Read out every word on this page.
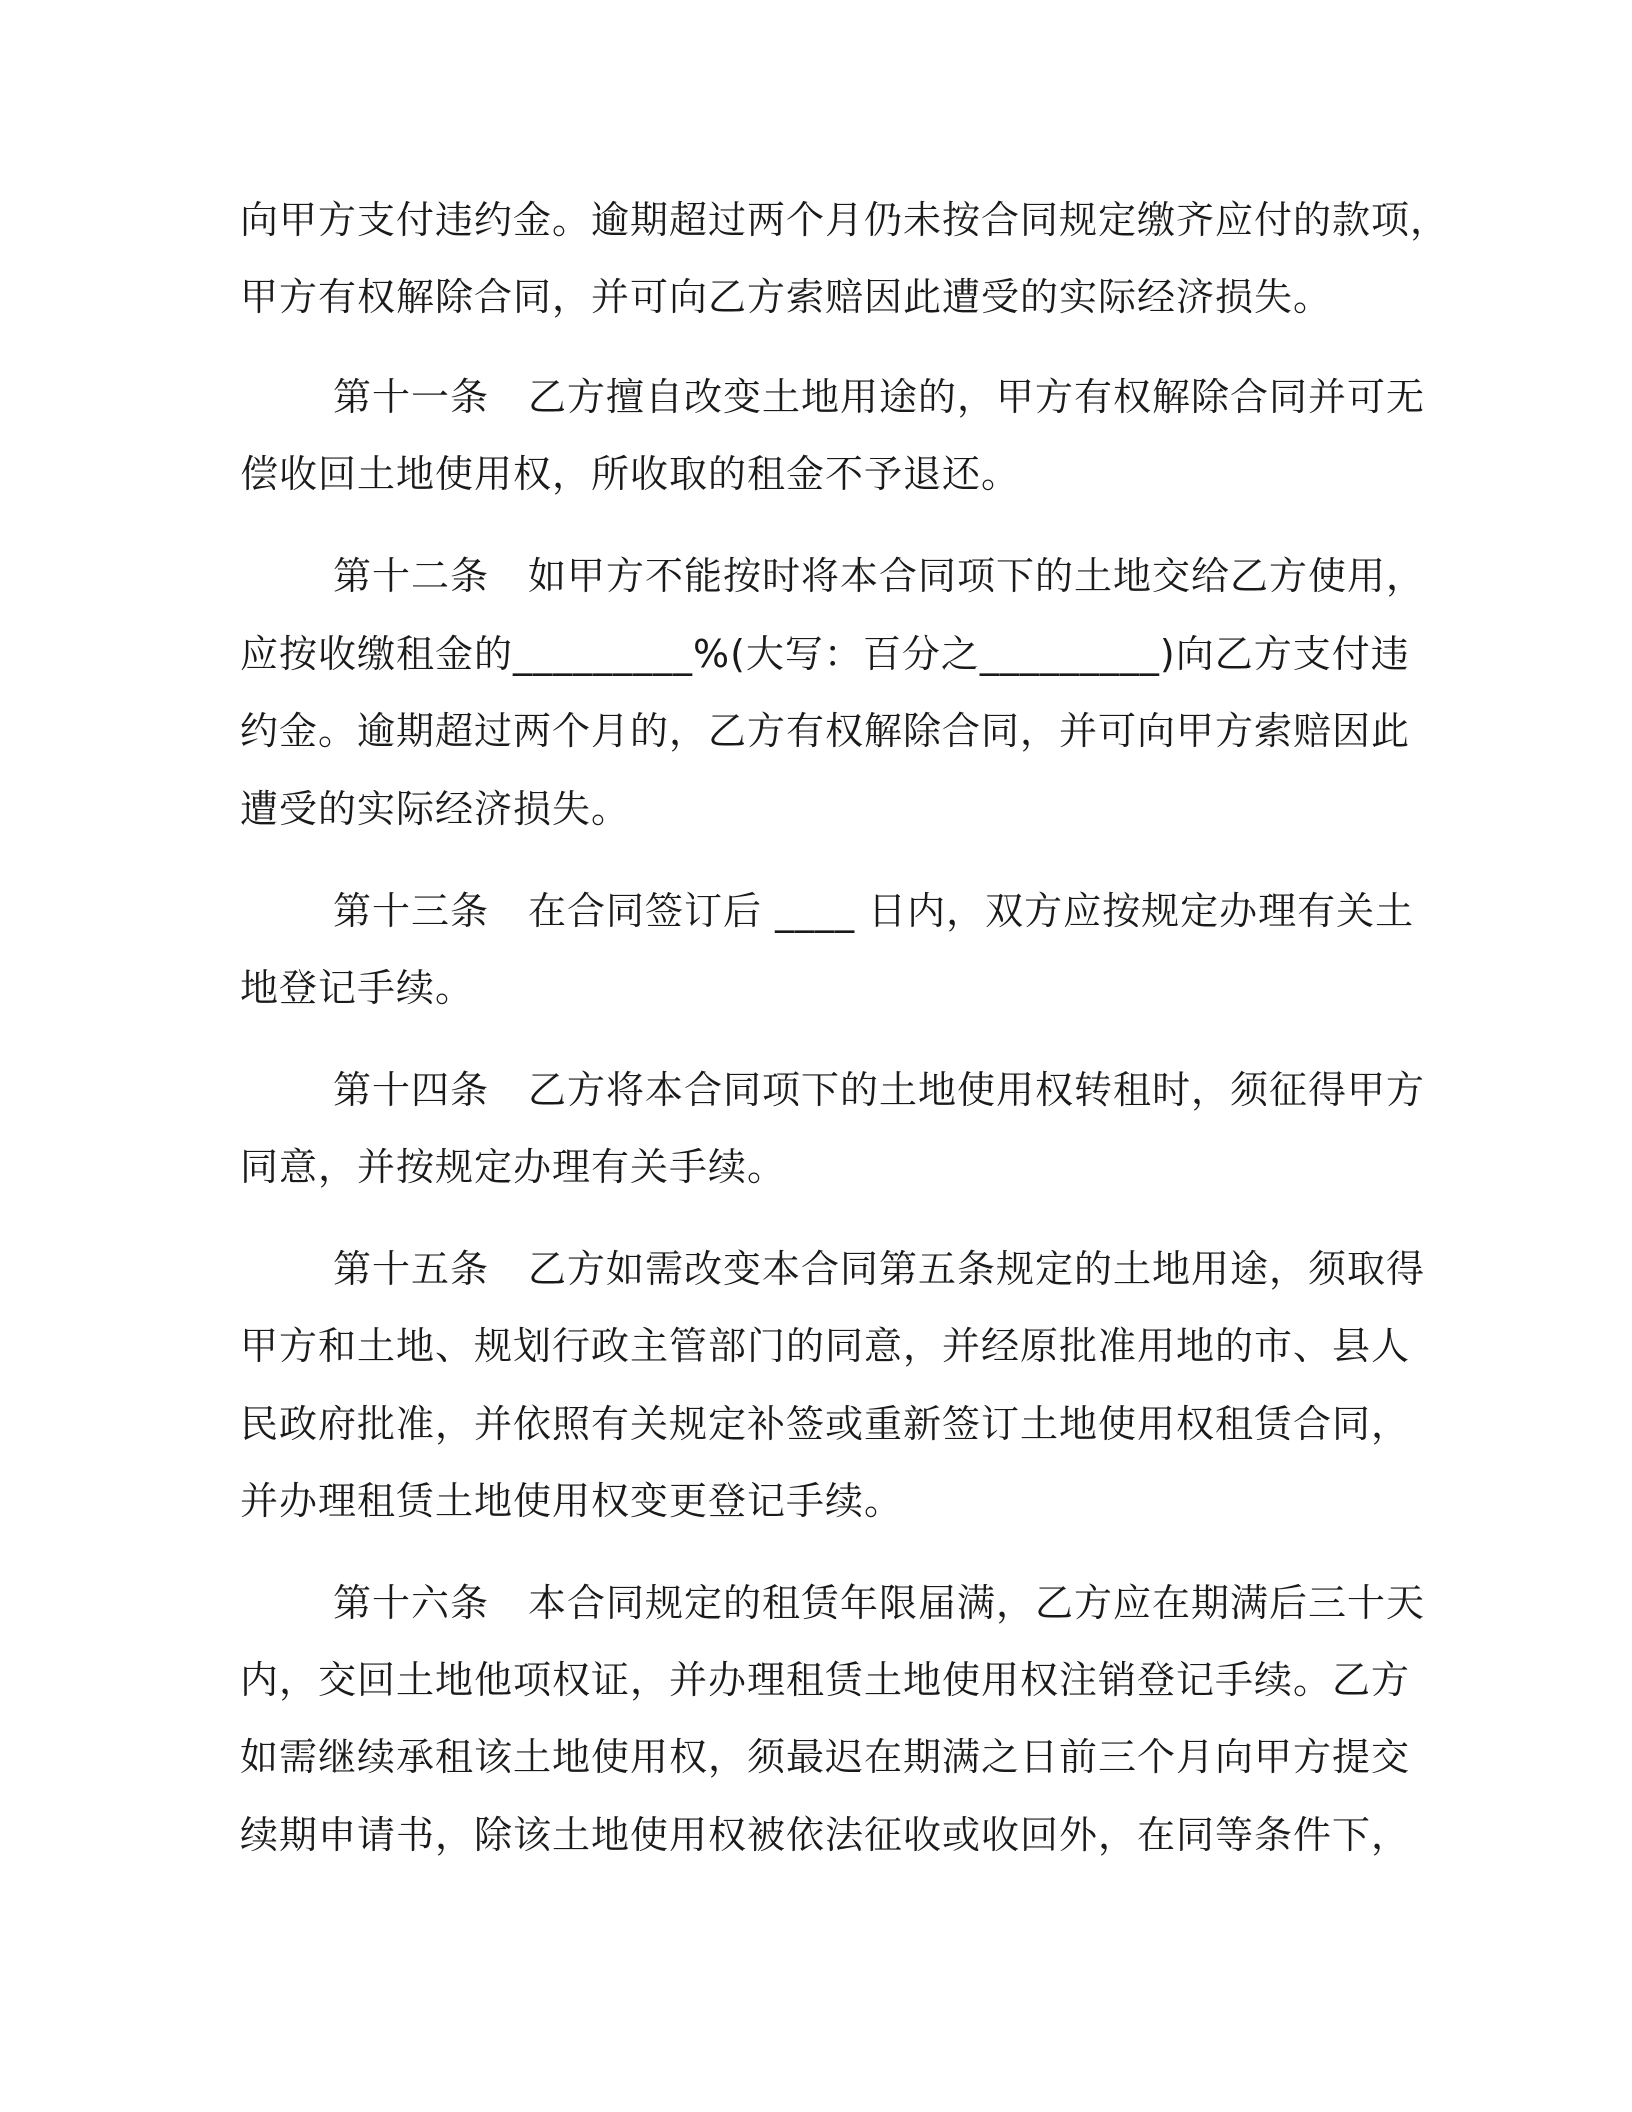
向甲方支付违约金。逾期超过两个月仍未按合同规定缴齐应付的款项，
甲方有权解除合同，并可向乙方索赔因此遭受的实际经济损失。
第十一条　乙方擅自改变土地用途的，甲方有权解除合同并可无
偿收回土地使用权，所收取的租金不予退还。
第十二条　如甲方不能按时将本合同项下的土地交给乙方使用，
应按收缴租金的_________%(大写：百分之_________)向乙方支付违
约金。逾期超过两个月的，乙方有权解除合同，并可向甲方索赔因此
遭受的实际经济损失。
第十三条　在合同签订后 ____ 日内，双方应按规定办理有关土
地登记手续。
第十四条　乙方将本合同项下的土地使用权转租时，须征得甲方
同意，并按规定办理有关手续。
第十五条　乙方如需改变本合同第五条规定的土地用途，须取得
甲方和土地、规划行政主管部门的同意，并经原批准用地的市、县人
民政府批准，并依照有关规定补签或重新签订土地使用权租赁合同，
并办理租赁土地使用权变更登记手续。
第十六条　本合同规定的租赁年限届满，乙方应在期满后三十天
内，交回土地他项权证，并办理租赁土地使用权注销登记手续。乙方
如需继续承租该土地使用权，须最迟在期满之日前三个月向甲方提交
续期申请书，除该土地使用权被依法征收或收回外，在同等条件下，
